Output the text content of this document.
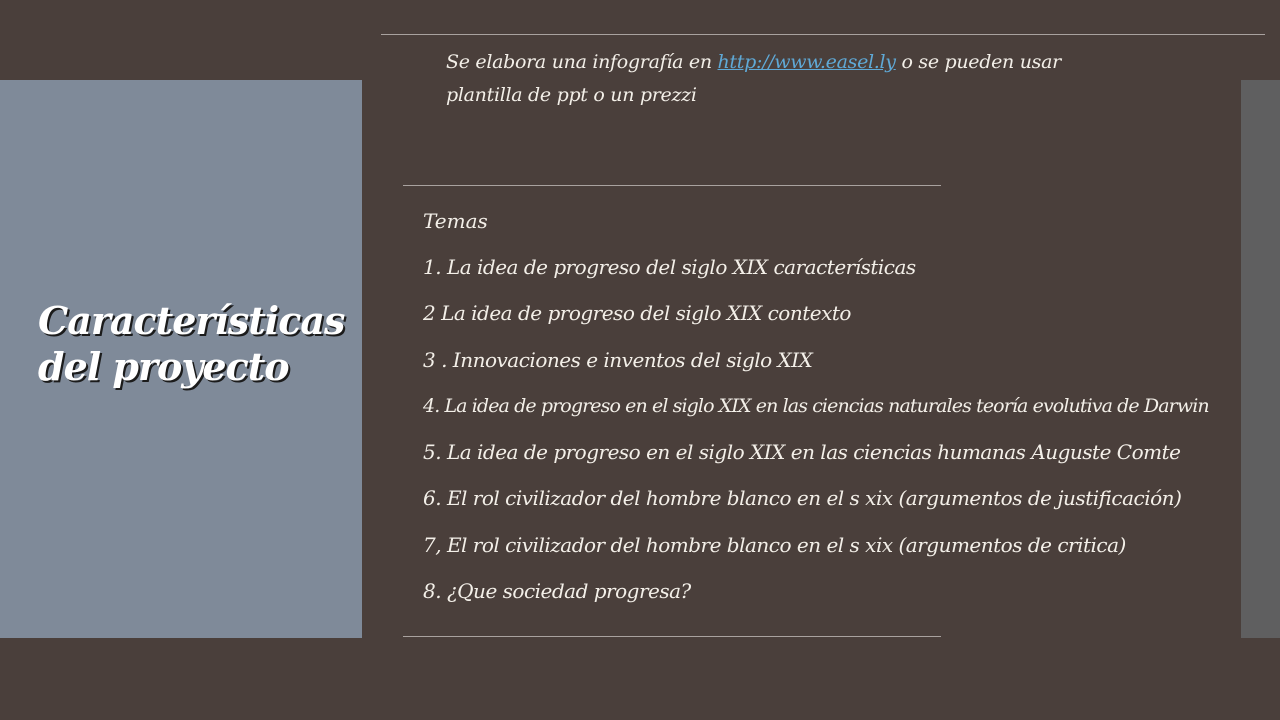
Características
del proyecto

Se elabora una infografía en http://www.easel.ly o se pueden usar plantilla de ppt o un prezzi

Temas
1. La idea de progreso del siglo XIX características
2 La idea de progreso del siglo XIX contexto
3 . Innovaciones e inventos del siglo XIX
4. La idea de progreso en el siglo XIX en las ciencias naturales teoría evolutiva de Darwin
5. La idea de progreso en el siglo XIX en las ciencias humanas Auguste Comte
6. El rol civilizador del hombre blanco en el s xix (argumentos de justificación)
7, El rol civilizador del hombre blanco en el s xix (argumentos de critica)
8. ¿Que sociedad progresa?
